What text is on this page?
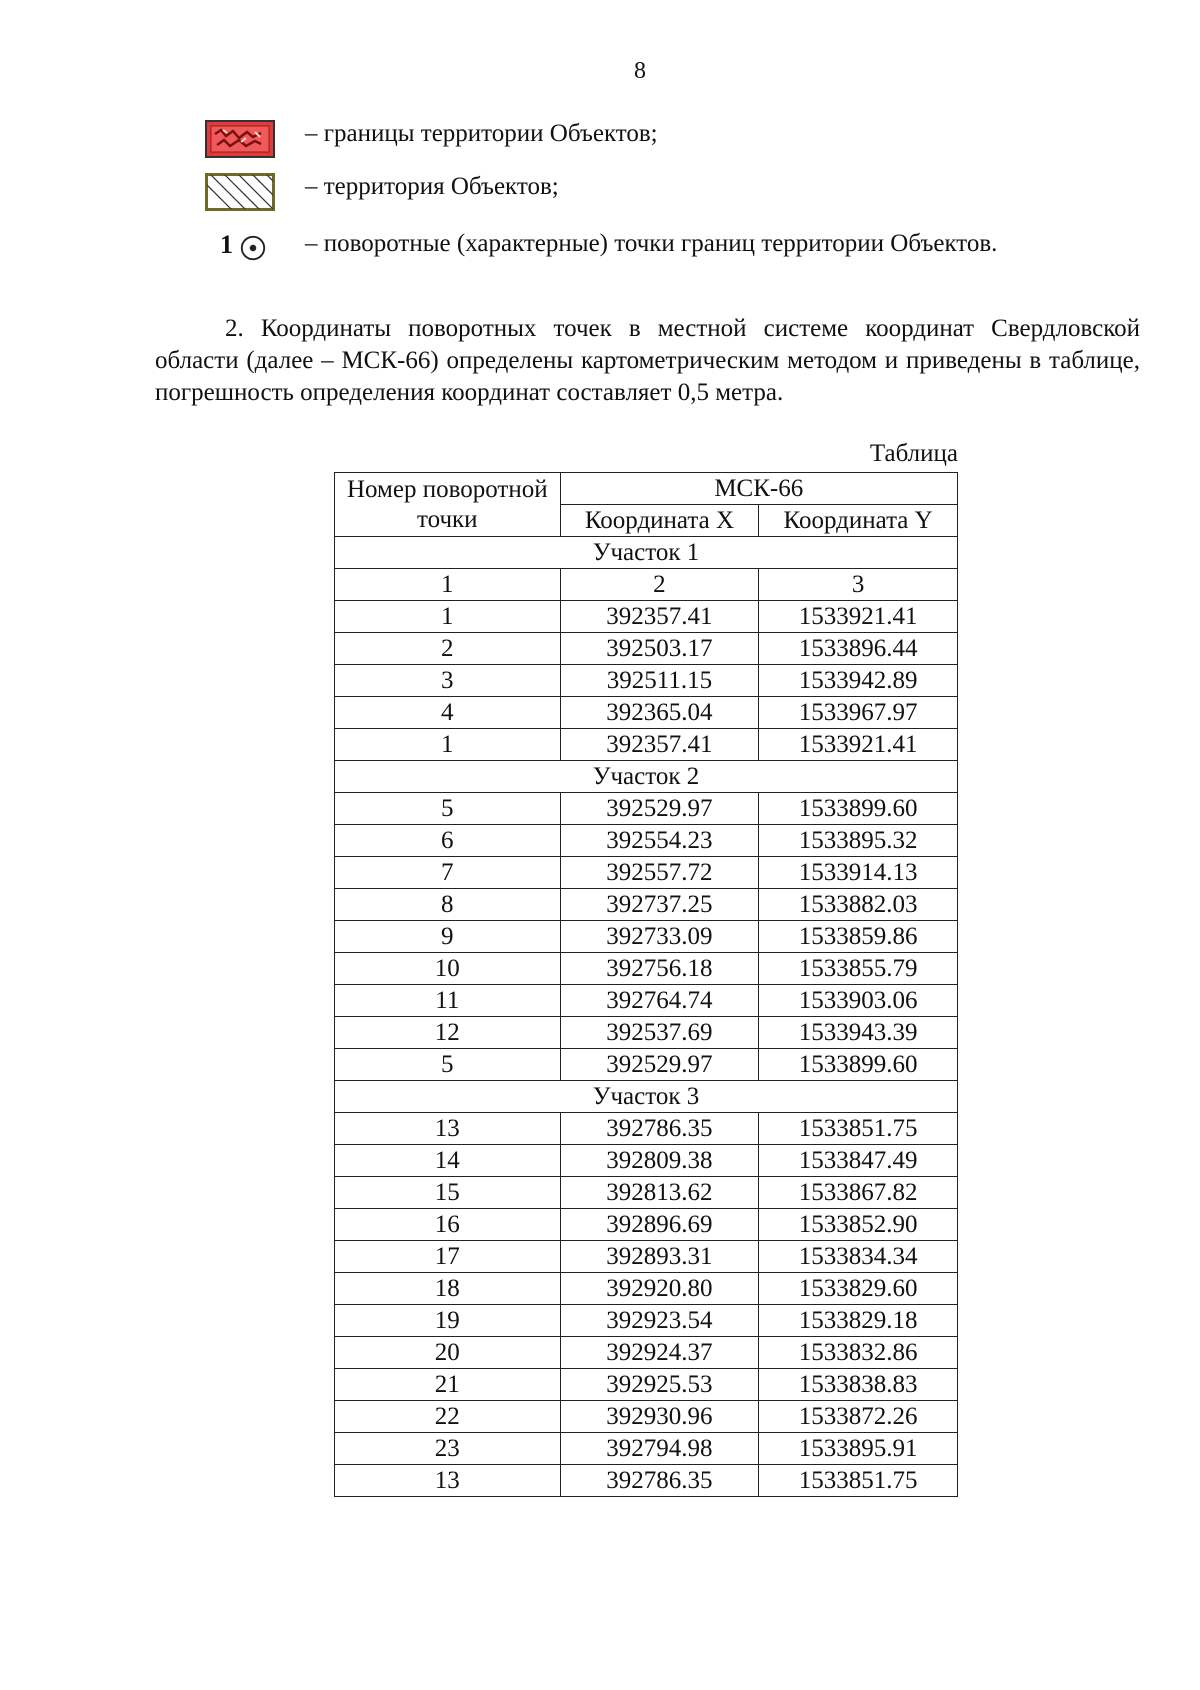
8
– границы территории Объектов;
– территория Объектов;
1	– поворотные (характерные) точки границ территории Объектов.
2. Координаты поворотных точек в местной системе координат Свердловской области (далее – МСК-66) определены картометрическим методом и приведены в таблице, погрешность определения координат составляет 0,5 метра.
Таблица
Номер поворотной точки	МСК-66	
	Координата X	Координата Y
Участок 1		
1	2	3
1	392357.41	1533921.41
2	392503.17	1533896.44
3	392511.15	1533942.89
4	392365.04	1533967.97
1	392357.41	1533921.41
Участок 2		
5	392529.97	1533899.60
6	392554.23	1533895.32
7	392557.72	1533914.13
8	392737.25	1533882.03
9	392733.09	1533859.86
10	392756.18	1533855.79
11	392764.74	1533903.06
12	392537.69	1533943.39
5	392529.97	1533899.60
Участок 3		
13	392786.35	1533851.75
14	392809.38	1533847.49
15	392813.62	1533867.82
16	392896.69	1533852.90
17	392893.31	1533834.34
18	392920.80	1533829.60
19	392923.54	1533829.18
20	392924.37	1533832.86
21	392925.53	1533838.83
22	392930.96	1533872.26
23	392794.98	1533895.91
13	392786.35	1533851.75
